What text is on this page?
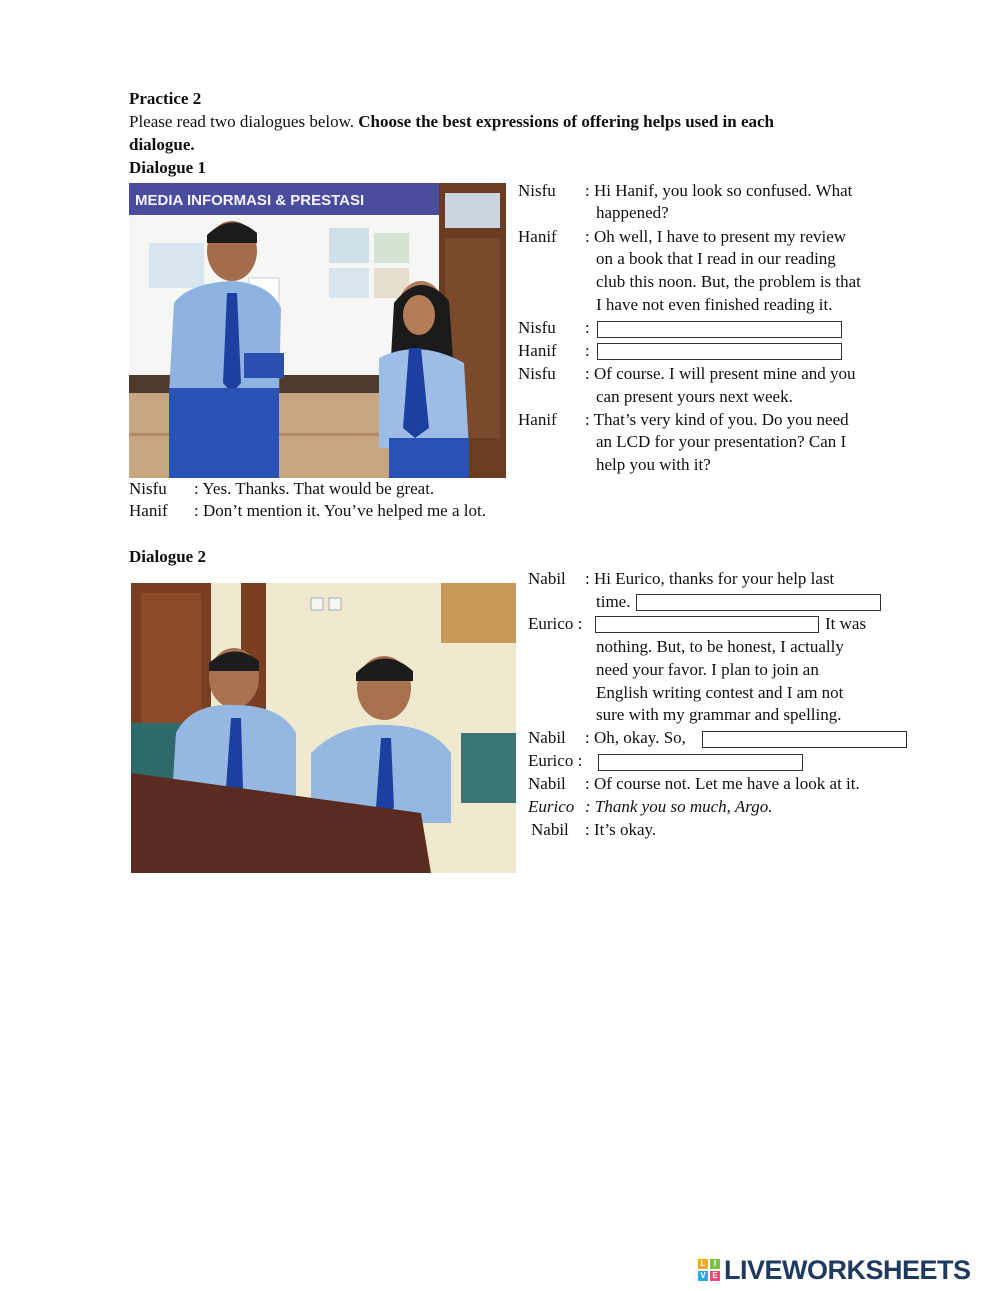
Practice 2
Please read two dialogues below. Choose the best expressions of offering helps used in each
dialogue.
Dialogue 1
MEDIA INFORMASI & PRESTASI
Nisfu : Hi Hanif, you look so confused. What
happened?
Hanif : Oh well, I have to present my review
on a book that I read in our reading
club this noon. But, the problem is that
I have not even finished reading it.
Nisfu :
Hanif :
Nisfu : Of course. I will present mine and you
can present yours next week.
Hanif : That’s very kind of you. Do you need
an LCD for your presentation? Can I
help you with it?
Nisfu : Yes. Thanks. That would be great.
Hanif : Don’t mention it. You’ve helped me a lot.
Dialogue 2
Nabil : Hi Eurico, thanks for your help last
time.
Eurico :	It was
nothing. But, to be honest, I actually
need your favor. I plan to join an
English writing contest and I am not
sure with my grammar and spelling.
Nabil : Oh, okay. So,
Eurico :
Nabil : Of course not. Let me have a look at it.
Eurico : Thank you so much, Argo.
Nabil : It’s okay.
L	I
V E LIVEWORKSHEETS
